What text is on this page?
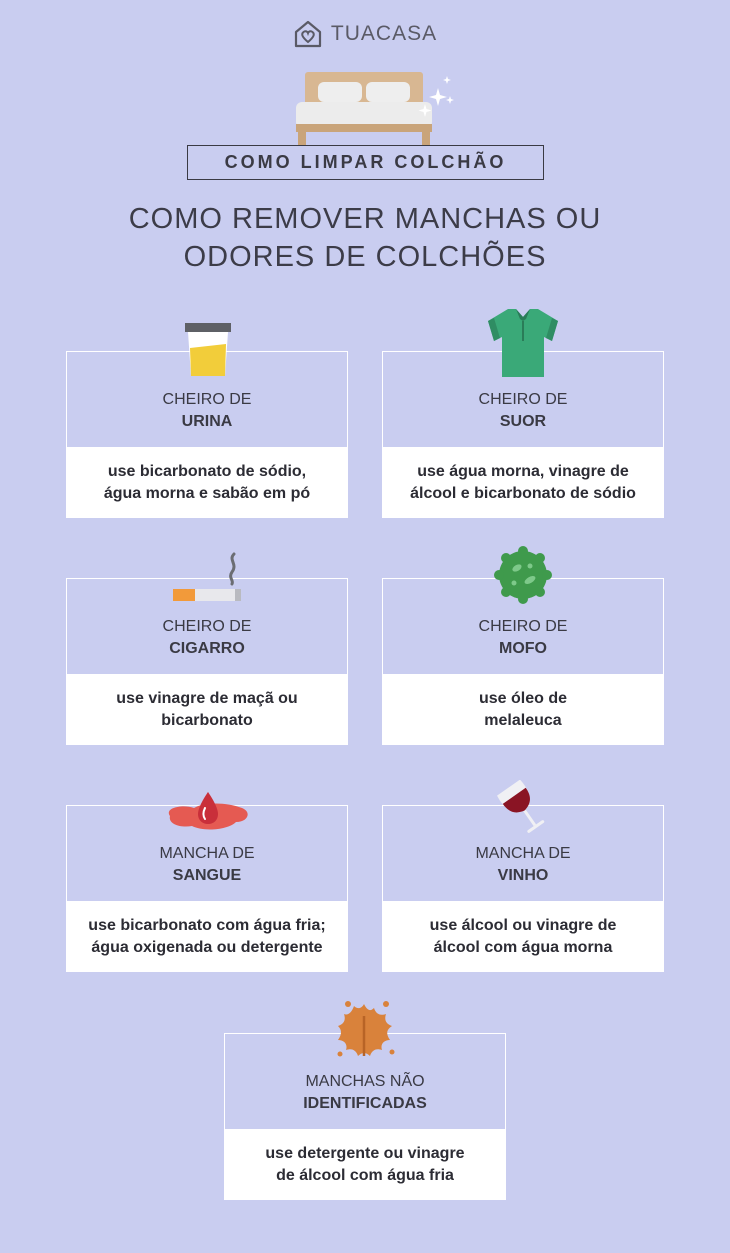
TUACASA
COMO LIMPAR COLCHÃO
COMO REMOVER MANCHAS OU
ODORES DE COLCHÕES
CHEIRO DE
URINA
use bicarbonato de sódio,
água morna e sabão em pó
CHEIRO DE
SUOR
use água morna, vinagre de
álcool e bicarbonato de sódio
CHEIRO DE
CIGARRO
use vinagre de maçã ou
bicarbonato
CHEIRO DE
MOFO
use óleo de
melaleuca
MANCHA DE
SANGUE
use bicarbonato com água fria;
água oxigenada ou detergente
MANCHA DE
VINHO
use álcool ou vinagre de
álcool com água morna
MANCHAS NÃO
IDENTIFICADAS
use detergente ou vinagre
de álcool com água fria
